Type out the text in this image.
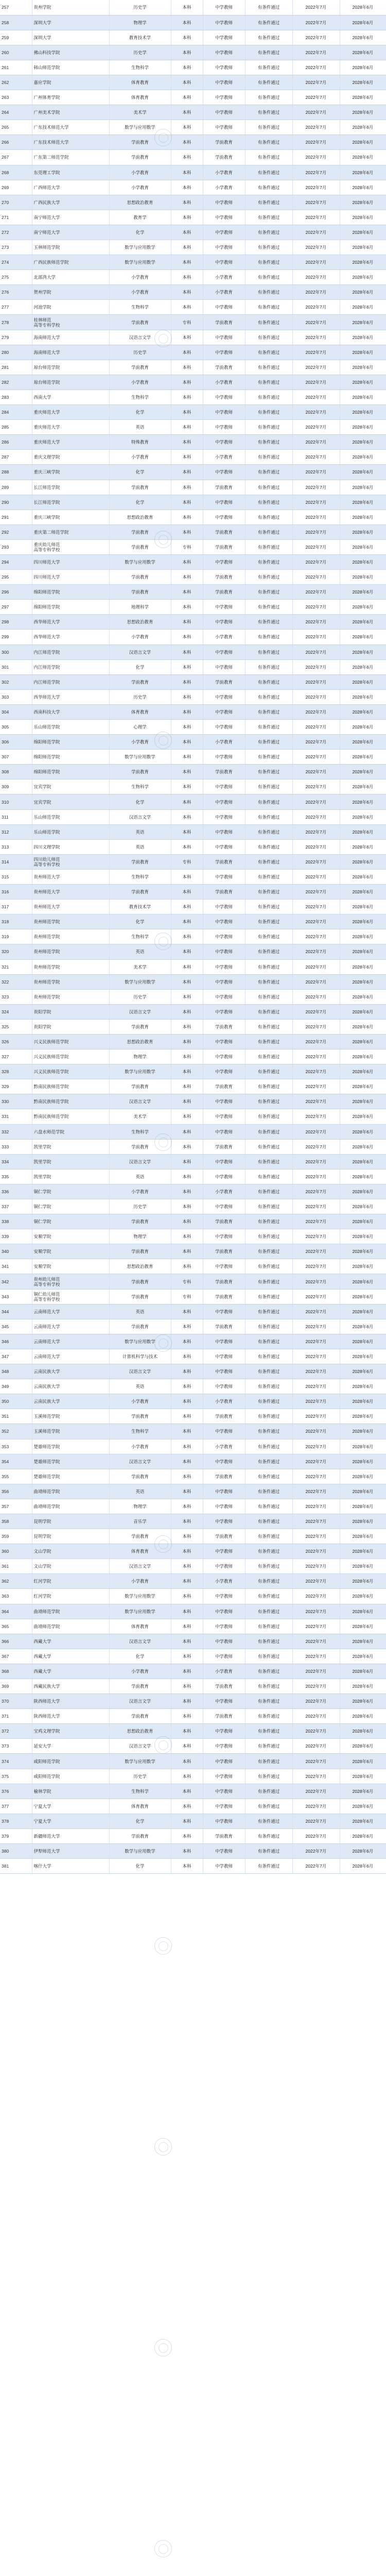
257	贵州学院	历史学	本科	中学教师	有条件通过	2022年7月	2028年6月
258	深圳大学	物理学	本科	中学教师	有条件通过	2022年7月	2028年6月
259	深圳大学	教育技术学	本科	中学教师	有条件通过	2022年7月	2028年6月
260	佛山科技学院	历史学	本科	中学教师	有条件通过	2022年7月	2028年6月
261	韩山师范学院	生物科学	本科	中学教师	有条件通过	2022年7月	2028年6月
262	嘉应学院	体育教育	本科	中学教师	有条件通过	2022年7月	2028年6月
263	广州体育学院	体育教育	本科	中学教师	有条件通过	2022年7月	2028年6月
264	广州美术学院	美术学	本科	中学教师	有条件通过	2022年7月	2028年6月
265	广东技术师范大学	数学与应用数学	本科	中学教师	有条件通过	2022年7月	2028年6月
266	广东技术师范大学	学前教育	本科	学前教育	有条件通过	2022年7月	2028年6月
267	广东第二师范学院	学前教育	本科	学前教育	有条件通过	2022年7月	2028年6月
268	东莞理工学院	小学教育	本科	小学教育	有条件通过	2022年7月	2028年6月
269	广西师范大学	小学教育	本科	小学教育	有条件通过	2022年7月	2028年6月
270	广西民族大学	思想政治教育	本科	中学教师	有条件通过	2022年7月	2028年6月
271	南宁师范大学	教育学	本科	中学教师	有条件通过	2022年7月	2028年6月
272	南宁师范大学	化学	本科	中学教师	有条件通过	2022年7月	2028年6月
273	玉林师范学院	数学与应用数学	本科	中学教师	有条件通过	2022年7月	2028年6月
274	广西民族师范学院	数学与应用数学	本科	中学教师	有条件通过	2022年7月	2028年6月
275	北部湾大学	小学教育	本科	小学教育	有条件通过	2022年7月	2028年6月
276	贺州学院	小学教育	本科	小学教育	有条件通过	2022年7月	2028年6月
277	河池学院	生物科学	本科	中学教师	有条件通过	2022年7月	2028年6月
278	桂林师范
高等专科学校	学前教育	专科	学前教育	有条件通过	2022年7月	2028年6月
279	海南师范大学	汉语言文学	本科	中学教师	有条件通过	2022年7月	2028年6月
280	海南师范大学	历史学	本科	中学教师	有条件通过	2022年7月	2028年6月
281	琼台师范学院	学前教育	本科	学前教育	有条件通过	2022年7月	2028年6月
282	琼台师范学院	小学教育	本科	小学教育	有条件通过	2022年7月	2028年6月
283	西南大学	生物科学	本科	中学教师	有条件通过	2022年7月	2028年6月
284	重庆师范大学	化学	本科	中学教师	有条件通过	2022年7月	2028年6月
285	重庆师范大学	英语	本科	中学教师	有条件通过	2022年7月	2028年6月
286	重庆师范大学	特殊教育	本科	中学教师	有条件通过	2022年7月	2028年6月
287	重庆文理学院	小学教育	本科	小学教育	有条件通过	2022年7月	2028年6月
288	重庆三峡学院	化学	本科	中学教师	有条件通过	2022年7月	2028年6月
289	长江师范学院	学前教育	本科	学前教育	有条件通过	2022年7月	2028年6月
290	长江师范学院	化学	本科	中学教师	有条件通过	2022年7月	2028年6月
291	重庆三峡学院	思想政治教育	本科	中学教师	有条件通过	2022年7月	2028年6月
292	重庆第二师范学院	学前教育	本科	学前教育	有条件通过	2022年7月	2028年6月
293	重庆幼儿师范
高等专科学校	学前教育	专科	学前教育	有条件通过	2022年7月	2028年6月
294	四川师范大学	数学与应用数学	本科	中学教师	有条件通过	2022年7月	2028年6月
295	四川师范大学	学前教育	本科	学前教育	有条件通过	2022年7月	2028年6月
296	绵阳师范学院	学前教育	本科	学前教育	有条件通过	2022年7月	2028年6月
297	绵阳师范学院	地理科学	本科	中学教师	有条件通过	2022年7月	2028年6月
298	西华师范大学	思想政治教育	本科	中学教师	有条件通过	2022年7月	2028年6月
299	西华师范大学	小学教育	本科	小学教育	有条件通过	2022年7月	2028年6月
300	内江师范学院	汉语言文学	本科	中学教师	有条件通过	2022年7月	2028年6月
301	内江师范学院	化学	本科	中学教师	有条件通过	2022年7月	2028年6月
302	内江师范学院	学前教育	本科	学前教育	有条件通过	2022年7月	2028年6月
303	西华师范大学	历史学	本科	中学教师	有条件通过	2022年7月	2028年6月
304	西南科技大学	体育教育	本科	中学教师	有条件通过	2022年7月	2028年6月
305	乐山师范学院	心理学	本科	中学教师	有条件通过	2022年7月	2028年6月
306	绵阳师范学院	小学教育	本科	小学教育	有条件通过	2022年7月	2028年6月
307	绵阳师范学院	数学与应用数学	本科	中学教师	有条件通过	2022年7月	2028年6月
308	绵阳师范学院	学前教育	本科	学前教育	有条件通过	2022年7月	2028年6月
309	宜宾学院	生物科学	本科	中学教师	有条件通过	2022年7月	2028年6月
310	宜宾学院	化学	本科	中学教师	有条件通过	2022年7月	2028年6月
311	乐山师范学院	汉语言文学	本科	中学教师	有条件通过	2022年7月	2028年6月
312	乐山师范学院	英语	本科	中学教师	有条件通过	2022年7月	2028年6月
313	四川文理学院	英语	本科	中学教师	有条件通过	2022年7月	2028年6月
314	四川幼儿师范
高等专科学校	学前教育	专科	学前教育	有条件通过	2022年7月	2028年6月
315	贵州师范大学	生物科学	本科	中学教师	有条件通过	2022年7月	2028年6月
316	贵州师范大学	学前教育	本科	学前教育	有条件通过	2022年7月	2028年6月
317	贵州师范大学	教育技术学	本科	中学教师	有条件通过	2022年7月	2028年6月
318	贵州师范学院	化学	本科	中学教师	有条件通过	2022年7月	2028年6月
319	贵州师范学院	生物科学	本科	中学教师	有条件通过	2022年7月	2028年6月
320	贵州师范学院	英语	本科	中学教师	有条件通过	2022年7月	2028年6月
321	贵州师范学院	美术学	本科	中学教师	有条件通过	2022年7月	2028年6月
322	贵州师范学院	数学与应用数学	本科	中学教师	有条件通过	2022年7月	2028年6月
323	贵州师范学院	历史学	本科	中学教师	有条件通过	2022年7月	2028年6月
324	贵阳学院	汉语言文学	本科	中学教师	有条件通过	2022年7月	2028年6月
325	贵阳学院	学前教育	本科	学前教育	有条件通过	2022年7月	2028年6月
326	兴义民族师范学院	思想政治教育	本科	中学教师	有条件通过	2022年7月	2028年6月
327	兴义民族师范学院	物理学	本科	中学教师	有条件通过	2022年7月	2028年6月
328	兴义民族师范学院	数学与应用数学	本科	中学教师	有条件通过	2022年7月	2028年6月
329	黔南民族师范学院	学前教育	本科	学前教育	有条件通过	2022年7月	2028年6月
330	黔南民族师范学院	汉语言文学	本科	中学教师	有条件通过	2022年7月	2028年6月
331	黔南民族师范学院	美术学	本科	中学教师	有条件通过	2022年7月	2028年6月
332	六盘水师范学院	生物科学	本科	中学教师	有条件通过	2022年7月	2028年6月
333	凯里学院	学前教育	本科	学前教育	有条件通过	2022年7月	2028年6月
334	凯里学院	汉语言文学	本科	中学教师	有条件通过	2022年7月	2028年6月
335	凯里学院	英语	本科	中学教师	有条件通过	2022年7月	2028年6月
336	铜仁学院	小学教育	本科	小学教育	有条件通过	2022年7月	2028年6月
337	铜仁学院	历史学	本科	中学教师	有条件通过	2022年7月	2028年6月
338	铜仁学院	学前教育	本科	学前教育	有条件通过	2022年7月	2028年6月
339	安顺学院	物理学	本科	中学教师	有条件通过	2022年7月	2028年6月
340	安顺学院	学前教育	本科	学前教育	有条件通过	2022年7月	2028年6月
341	安顺学院	思想政治教育	本科	中学教师	有条件通过	2022年7月	2028年6月
342	贵州幼儿师范
高等专科学校	学前教育	专科	学前教育	有条件通过	2022年7月	2028年6月
343	铜仁幼儿师范
高等专科学校	学前教育	专科	学前教育	有条件通过	2022年7月	2028年6月
344	云南师范大学	英语	本科	中学教师	有条件通过	2022年7月	2028年6月
345	云南师范大学	学前教育	本科	学前教育	有条件通过	2022年7月	2028年6月
346	云南师范大学	数学与应用数学	本科	中学教师	有条件通过	2022年7月	2028年6月
347	云南师范大学	计算机科学与技术	本科	中学教师	有条件通过	2022年7月	2028年6月
348	云南民族大学	汉语言文学	本科	中学教师	有条件通过	2022年7月	2028年6月
349	云南民族大学	英语	本科	中学教师	有条件通过	2022年7月	2028年6月
350	云南民族大学	小学教育	本科	小学教育	有条件通过	2022年7月	2028年6月
351	玉溪师范学院	学前教育	本科	学前教育	有条件通过	2022年7月	2028年6月
352	玉溪师范学院	生物科学	本科	中学教师	有条件通过	2022年7月	2028年6月
353	楚雄师范学院	小学教育	本科	小学教育	有条件通过	2022年7月	2028年6月
354	楚雄师范学院	汉语言文学	本科	中学教师	有条件通过	2022年7月	2028年6月
355	楚雄师范学院	学前教育	本科	学前教育	有条件通过	2022年7月	2028年6月
356	曲靖师范学院	英语	本科	中学教师	有条件通过	2022年7月	2028年6月
357	曲靖师范学院	物理学	本科	中学教师	有条件通过	2022年7月	2028年6月
358	昆明学院	音乐学	本科	中学教师	有条件通过	2022年7月	2028年6月
359	昆明学院	学前教育	本科	学前教育	有条件通过	2022年7月	2028年6月
360	文山学院	体育教育	本科	中学教师	有条件通过	2022年7月	2028年6月
361	文山学院	汉语言文学	本科	中学教师	有条件通过	2022年7月	2028年6月
362	红河学院	小学教育	本科	小学教育	有条件通过	2022年7月	2028年6月
363	红河学院	数学与应用数学	本科	中学教师	有条件通过	2022年7月	2028年6月
364	曲靖师范学院	数学与应用数学	本科	中学教师	有条件通过	2022年7月	2028年6月
365	曲靖师范学院	体育教育	本科	中学教师	有条件通过	2022年7月	2028年6月
366	西藏大学	汉语言文学	本科	中学教师	有条件通过	2022年7月	2028年6月
367	西藏大学	化学	本科	中学教师	有条件通过	2022年7月	2028年6月
368	西藏大学	小学教育	本科	小学教育	有条件通过	2022年7月	2028年6月
369	西藏民族大学	学前教育	本科	学前教育	有条件通过	2022年7月	2028年6月
370	陕西师范大学	汉语言文学	本科	中学教师	有条件通过	2022年7月	2028年6月
371	陕西师范大学	学前教育	本科	学前教育	有条件通过	2022年7月	2028年6月
372	宝鸡文理学院	思想政治教育	本科	中学教师	有条件通过	2022年7月	2028年6月
373	延安大学	汉语言文学	本科	中学教师	有条件通过	2022年7月	2028年6月
374	咸阳师范学院	数学与应用数学	本科	中学教师	有条件通过	2022年7月	2028年6月
375	咸阳师范学院	历史学	本科	中学教师	有条件通过	2022年7月	2028年6月
376	榆林学院	生物科学	本科	中学教师	有条件通过	2022年7月	2028年6月
377	宁夏大学	体育教育	本科	中学教师	有条件通过	2022年7月	2028年6月
378	宁夏大学	化学	本科	中学教师	有条件通过	2022年7月	2028年6月
379	新疆师范大学	学前教育	本科	学前教育	有条件通过	2022年7月	2028年6月
380	伊犁师范大学	数学与应用数学	本科	中学教师	有条件通过	2022年7月	2028年6月
381	喀什大学	化学	本科	中学教师	有条件通过	2022年7月	2028年6月
